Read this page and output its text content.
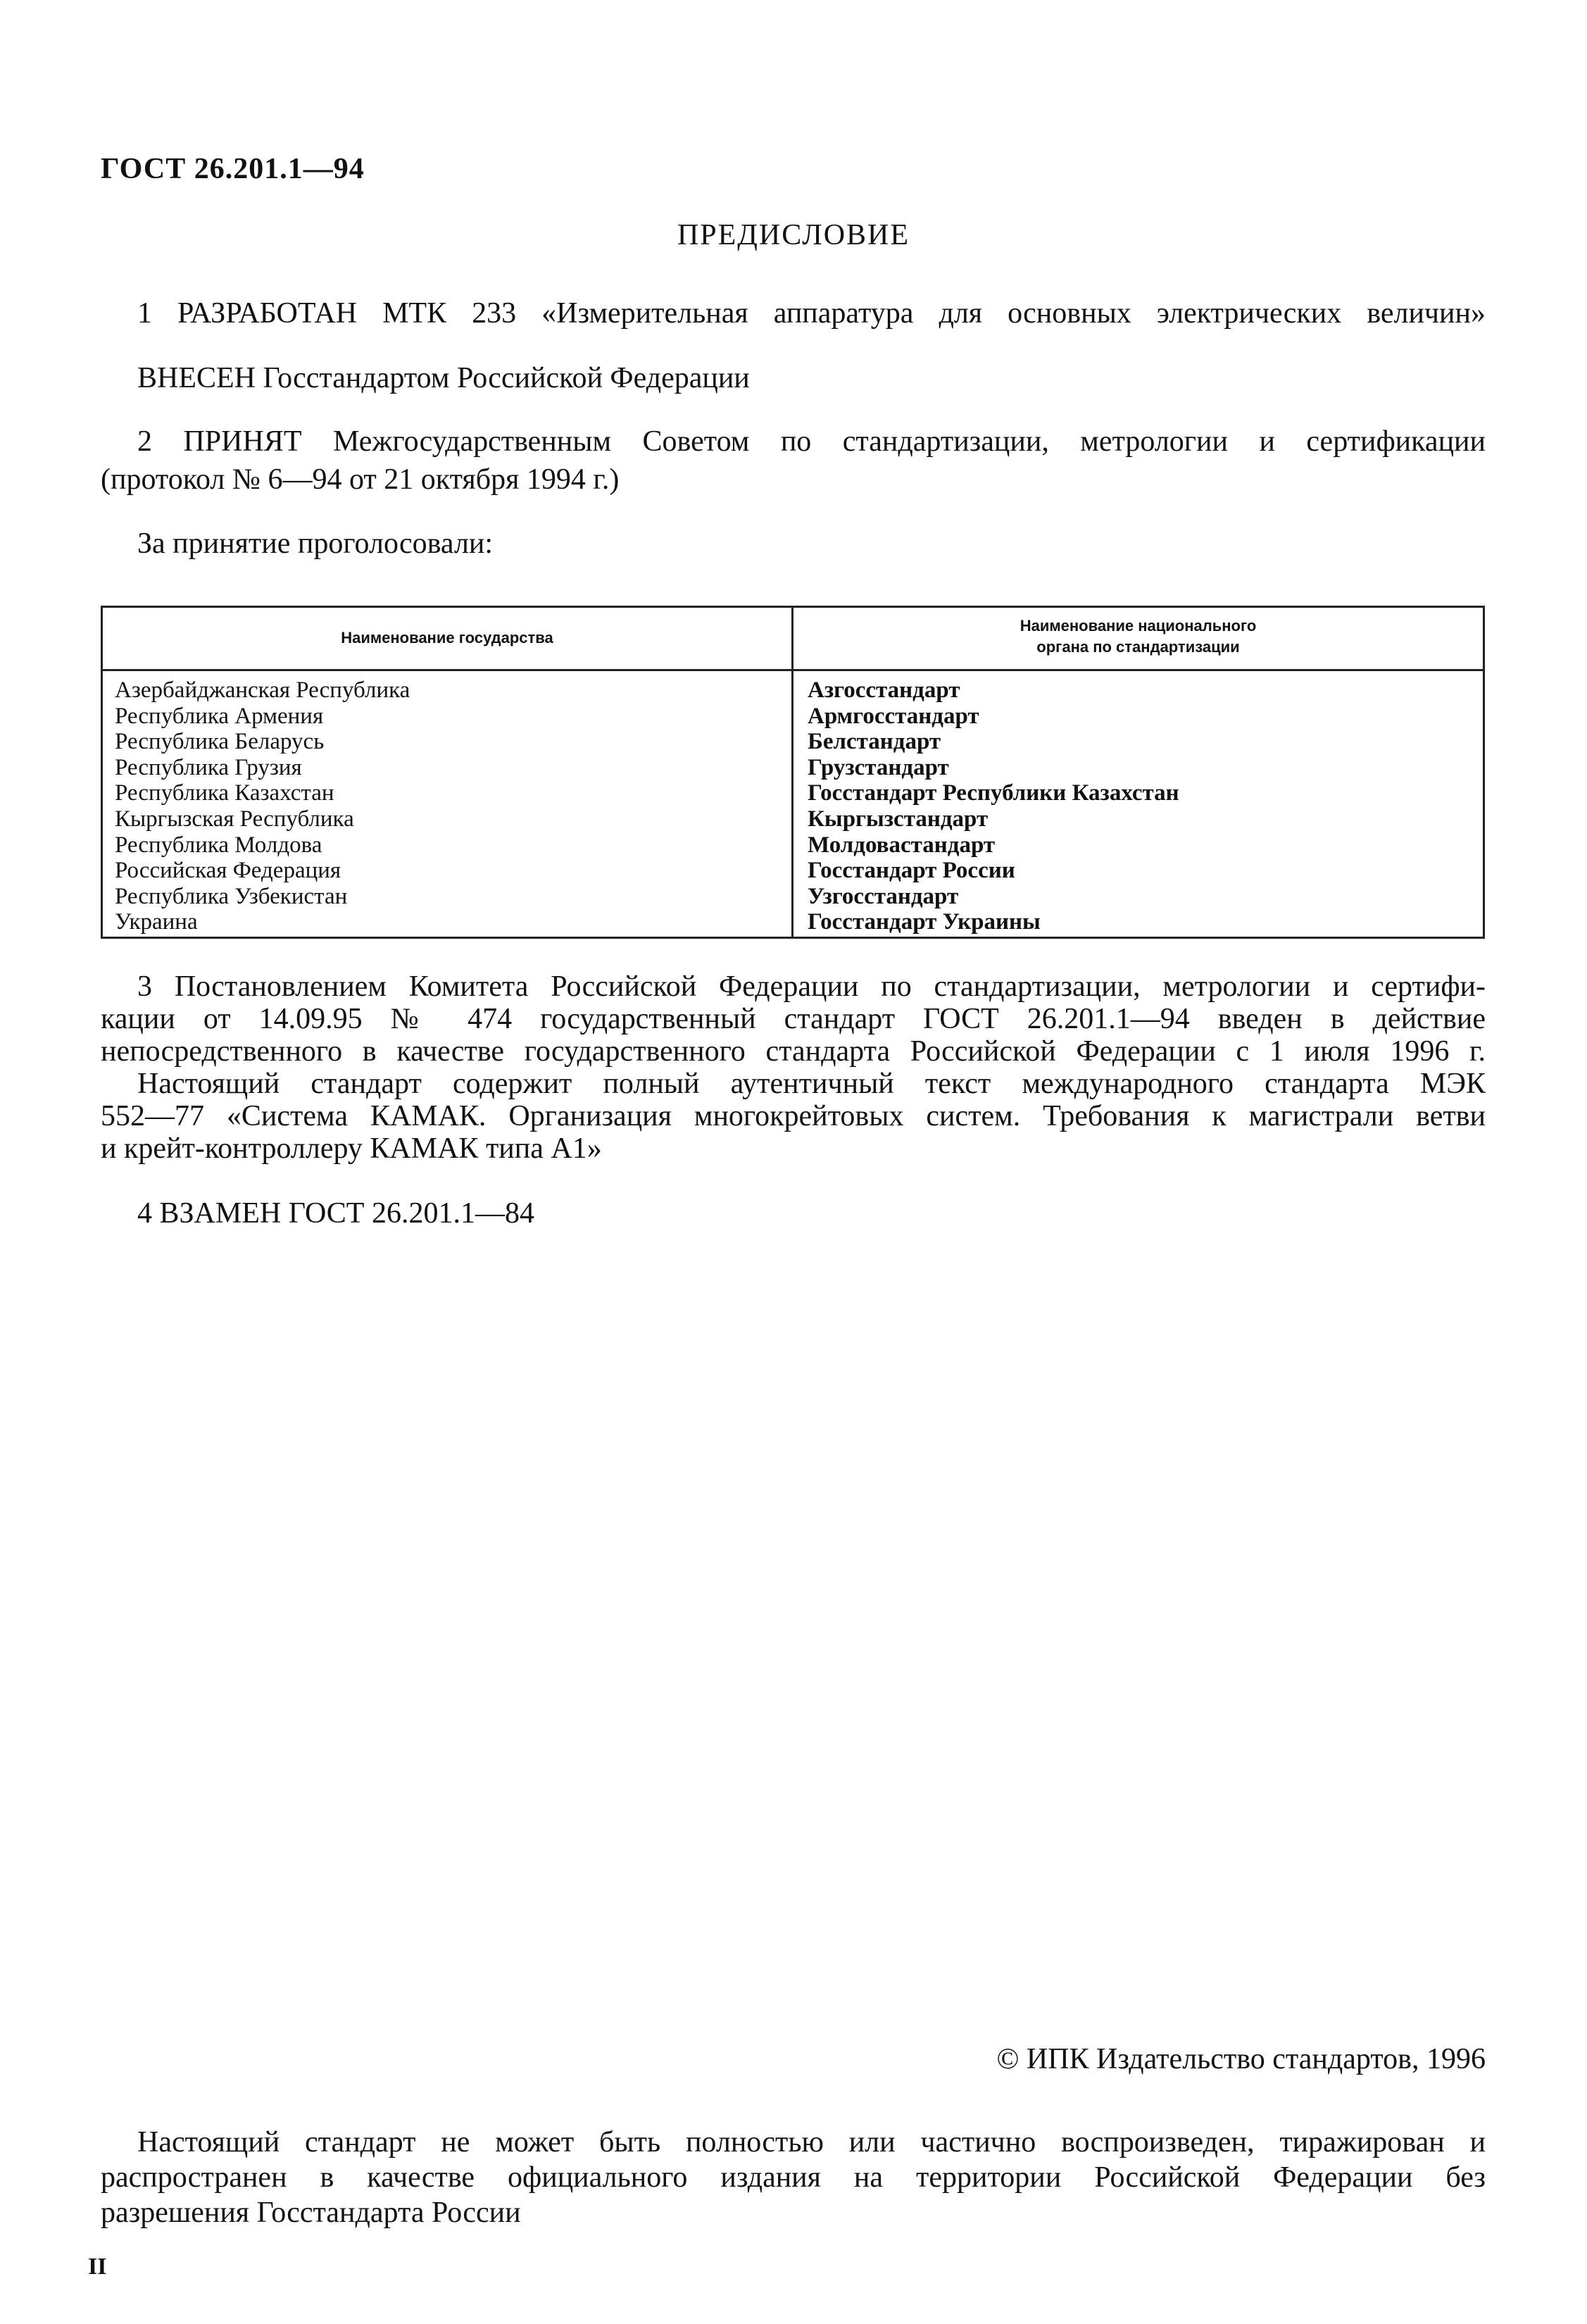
ГОСТ 26.201.1—94
ПРЕДИСЛОВИЕ
1 РАЗРАБОТАН МТК 233 «Измерительная аппаратура для основных электрических величин»
ВНЕСЕН Госстандартом Российской Федерации
2 ПРИНЯТ Межгосударственным Советом по стандартизации, метрологии и сертификации
(протокол № 6—94 от 21 октября 1994 г.)
За принятие проголосовали:
Наименование государства
Наименование национального
органа по стандартизации
Азербайджанская Республика
Республика Армения
Республика Беларусь
Республика Грузия
Республика Казахстан
Кыргызская Республика
Республика Молдова
Российская Федерация
Республика Узбекистан
Украина
Азгосстандарт
Армгосстандарт
Белстандарт
Грузстандарт
Госстандарт Республики Казахстан
Кыргызстандарт
Молдовастандарт
Госстандарт России
Узгосстандарт
Госстандарт Украины
3 Постановлением Комитета Российской Федерации по стандартизации, метрологии и сертифи-
кации от 14.09.95 № 474 государственный стандарт ГОСТ 26.201.1—94 введен в действие
непосредственного в качестве государственного стандарта Российской Федерации с 1 июля 1996 г.
Настоящий стандарт содержит полный аутентичный текст международного стандарта МЭК
552—77 «Система КАМАК. Организация многокрейтовых систем. Требования к магистрали ветви
и крейт-контроллеру КАМАК типа А1»
4 ВЗАМЕН ГОСТ 26.201.1—84
© ИПК Издательство стандартов, 1996
Настоящий стандарт не может быть полностью или частично воспроизведен, тиражирован и
распространен в качестве официального издания на территории Российской Федерации без
разрешения Госстандарта России
II
